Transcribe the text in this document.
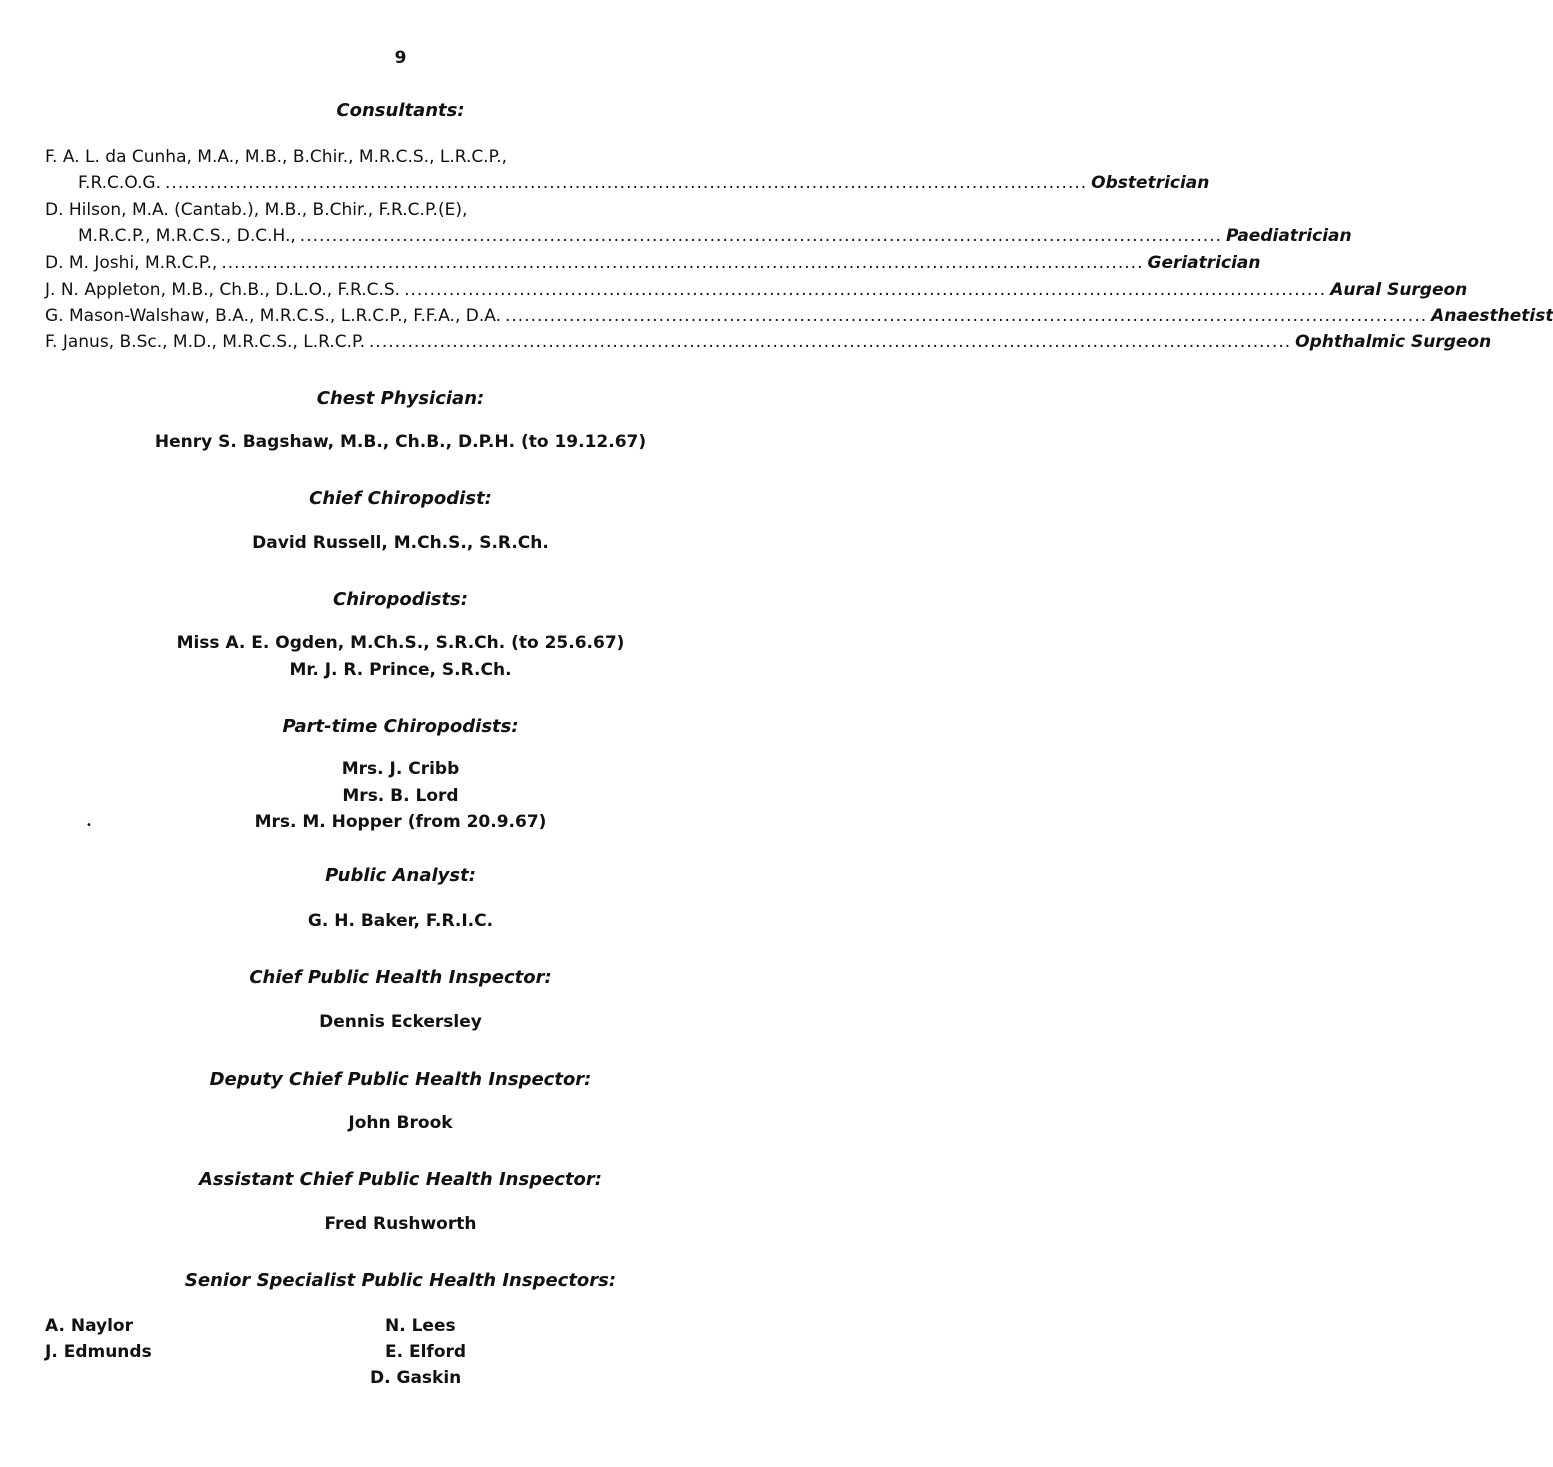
9
Consultants:
F. A. L. da Cunha, M.A., M.B., B.Chir., M.R.C.S., L.R.C.P.,
F.R.C.O.G. ................................................................................................................................................ Obstetrician
D. Hilson, M.A. (Cantab.), M.B., B.Chir., F.R.C.P.(E),
M.R.C.P., M.R.C.S., D.C.H., ................................................................................................................................................ Paediatrician
D. M. Joshi, M.R.C.P., ................................................................................................................................................ Geriatrician
J. N. Appleton, M.B., Ch.B., D.L.O., F.R.C.S. ................................................................................................................................................ Aural Surgeon
G. Mason-Walshaw, B.A., M.R.C.S., L.R.C.P., F.F.A., D.A. ................................................................................................................................................ Anaesthetist
F. Janus, B.Sc., M.D., M.R.C.S., L.R.C.P. ................................................................................................................................................ Ophthalmic Surgeon
Chest Physician:
Henry S. Bagshaw, M.B., Ch.B., D.P.H. (to 19.12.67)
Chief Chiropodist:
David Russell, M.Ch.S., S.R.Ch.
Chiropodists:
Miss A. E. Ogden, M.Ch.S., S.R.Ch. (to 25.6.67)
Mr. J. R. Prince, S.R.Ch.
Part-time Chiropodists:
Mrs. J. Cribb
Mrs. B. Lord
Mrs. M. Hopper (from 20.9.67)
•
Public Analyst:
G. H. Baker, F.R.I.C.
Chief Public Health Inspector:
Dennis Eckersley
Deputy Chief Public Health Inspector:
John Brook
Assistant Chief Public Health Inspector:
Fred Rushworth
Senior Specialist Public Health Inspectors:
A. Naylor
J. Edmunds
N. Lees
E. Elford
D. Gaskin
